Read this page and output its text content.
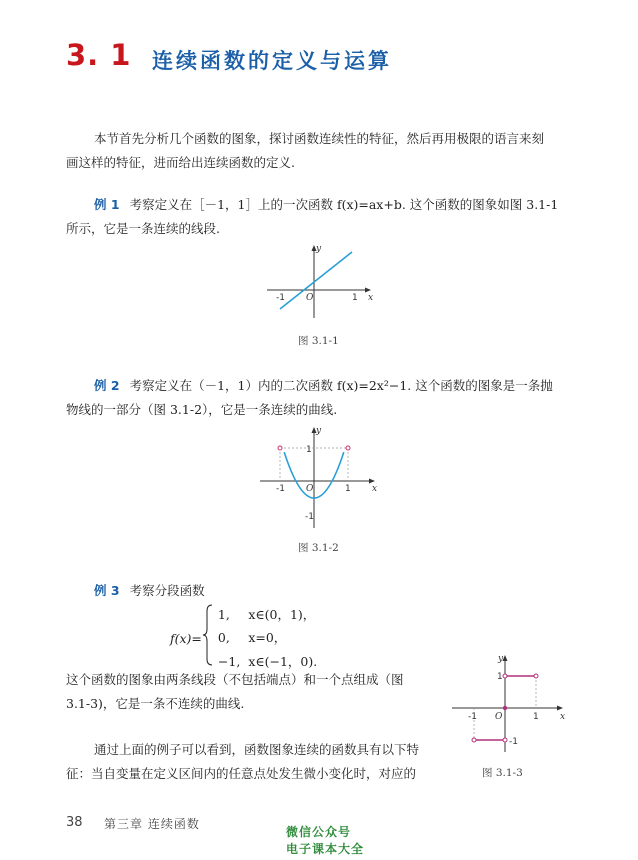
3. 1 连续函数的定义与运算
本节首先分析几个函数的图象，探讨函数连续性的特征，然后再用极限的语言来刻
画这样的特征，进而给出连续函数的定义.
例 1 考察定义在［－1，1］上的一次函数 f(x)=ax+b. 这个函数的图象如图 3.1-1
所示，它是一条连续的线段.
-1	1
O
y
x
图 3.1-1
例 2 考察定义在（－1，1）内的二次函数 f(x)=2x²−1. 这个函数的图象是一条抛
物线的一部分（图 3.1-2），它是一条连续的曲线.
-1	1
1
-1
O
y
x
图 3.1-2
例 3 考察分段函数
f(x)=		1,	x∈(0，1)，
		0,	x=0，
		−1,	x∈(−1，0).
这个函数的图象由两条线段（不包括端点）和一个点组成（图
3.1-3)，它是一条不连续的曲线.
-1	1
1
-1
O
y
x
图 3.1-3
通过上面的例子可以看到，函数图象连续的函数具有以下特
征：当自变量在定义区间内的任意点处发生微小变化时，对应的
38 第三章 连续函数
微信公众号
电子课本大全
